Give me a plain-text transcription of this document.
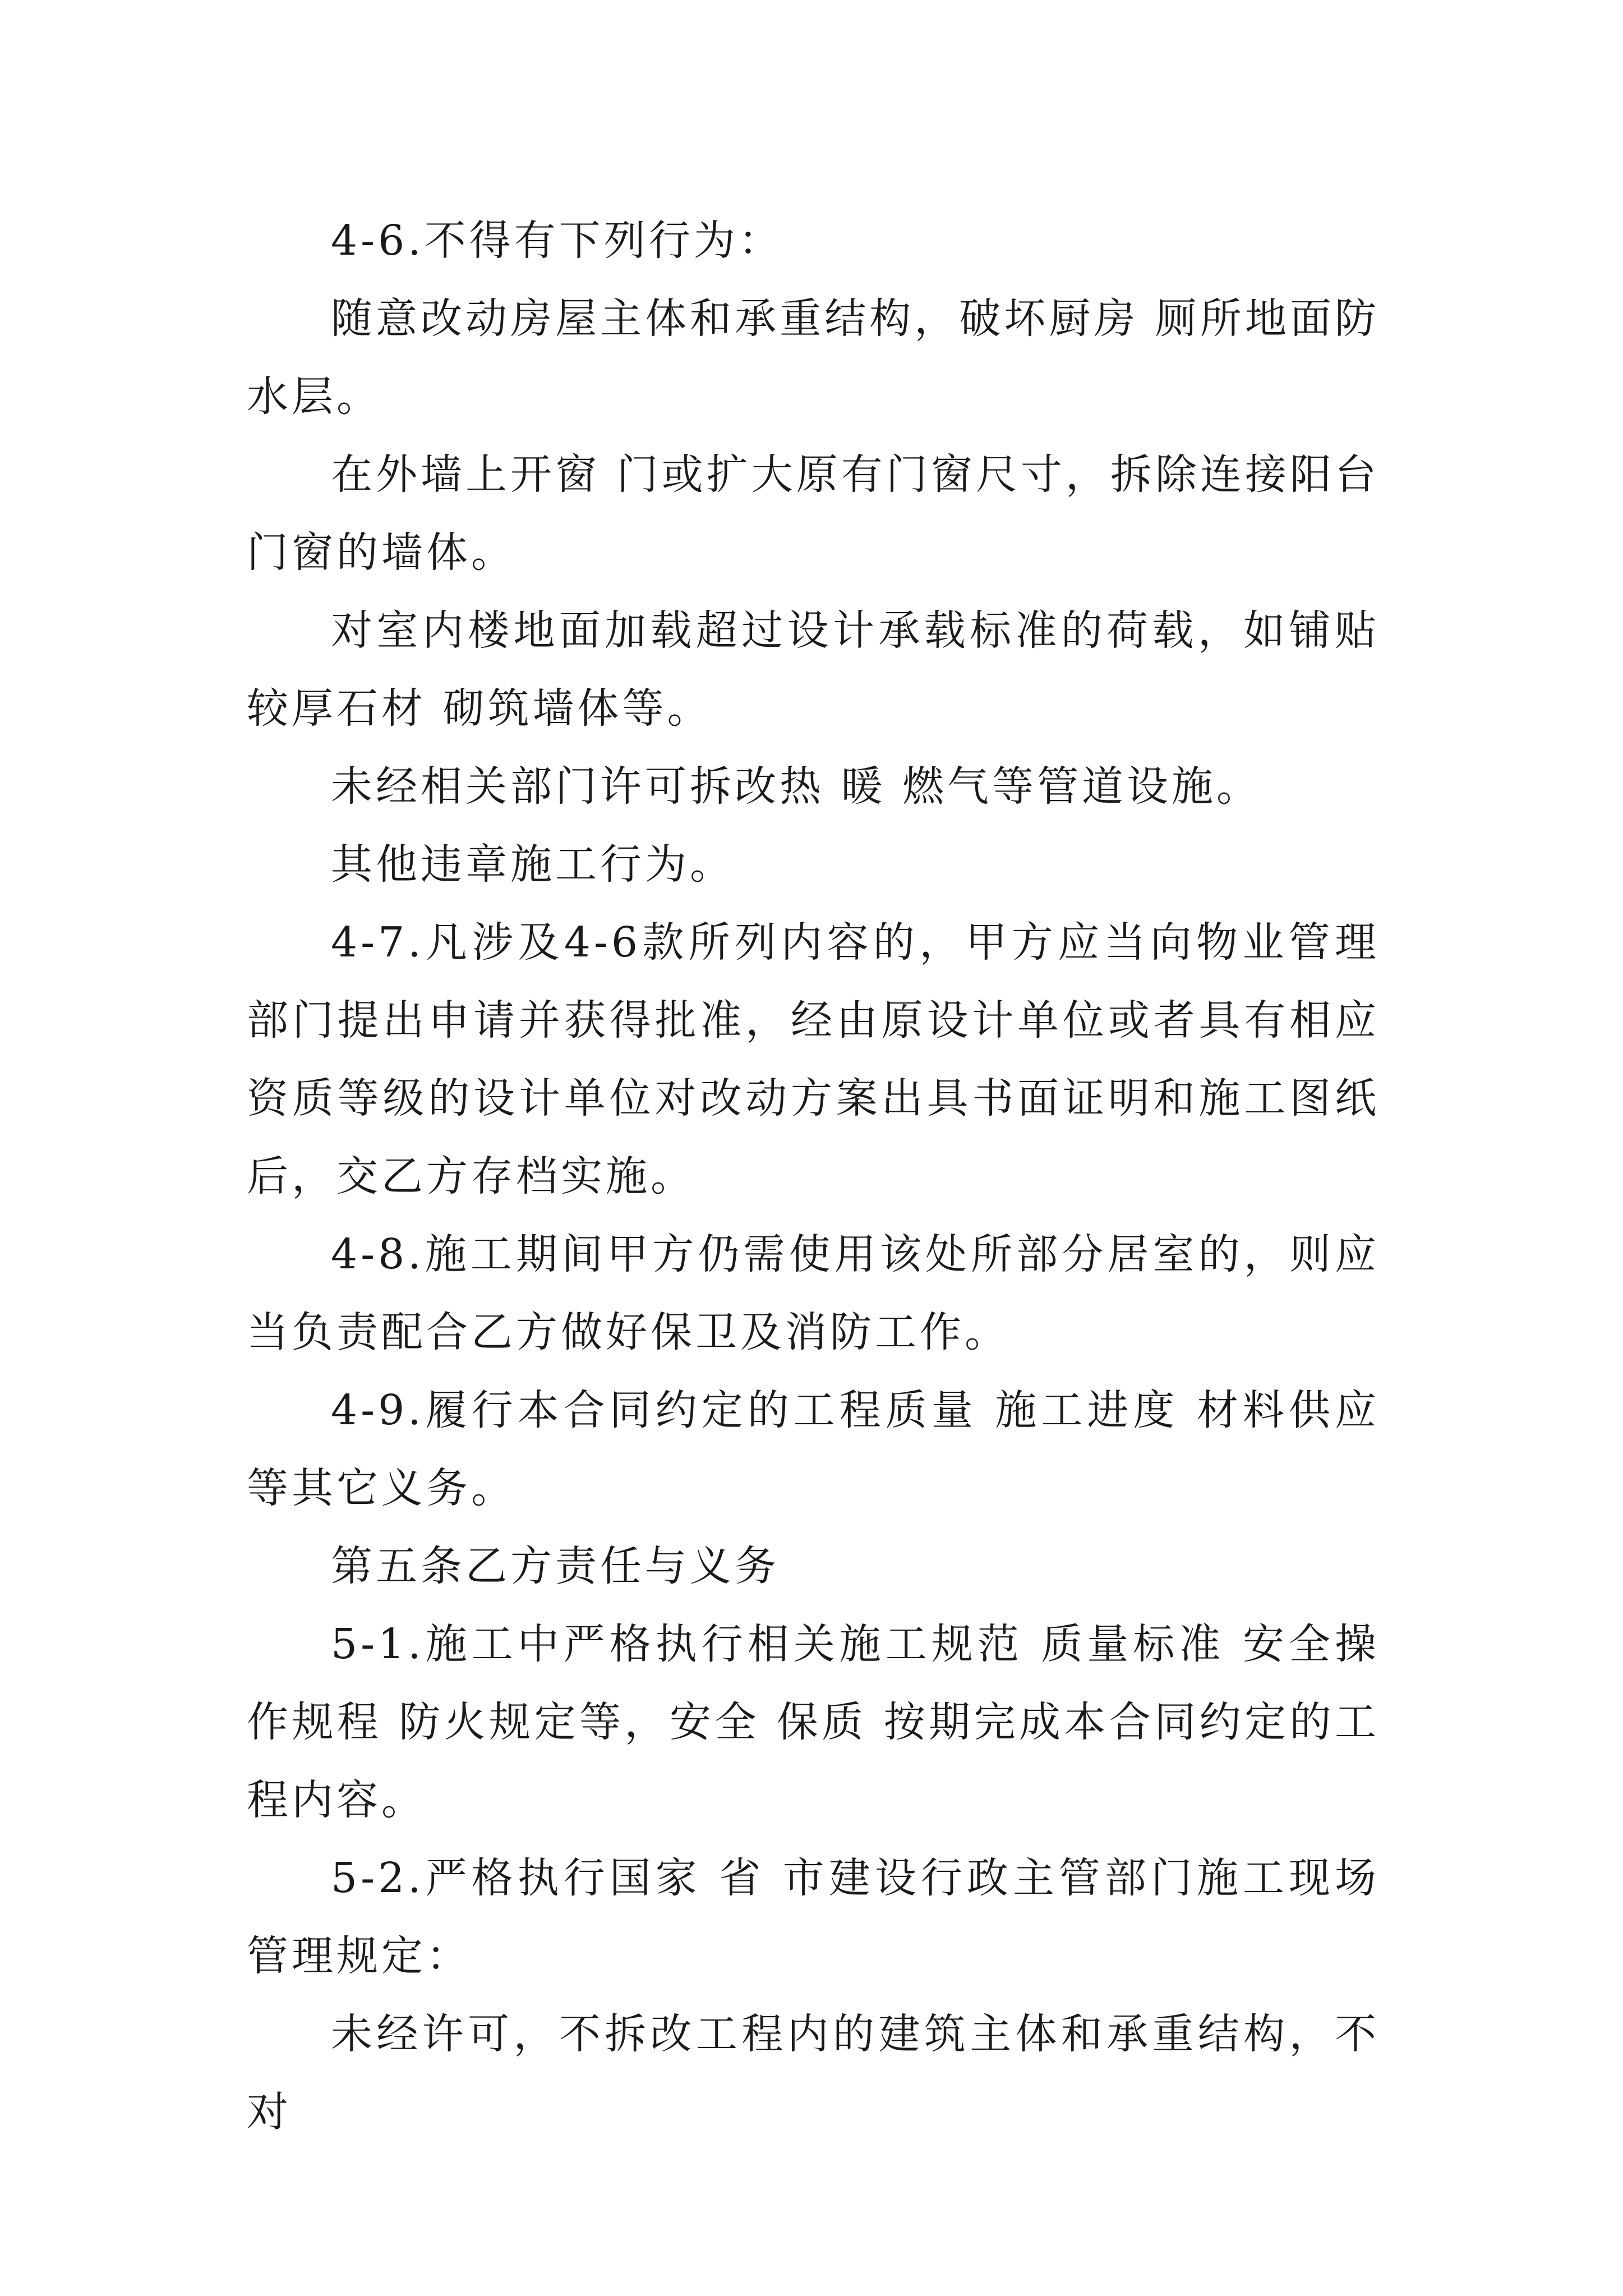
4-6.不得有下列行为：

随意改动房屋主体和承重结构，破坏厨房 厕所地面防水层。

在外墙上开窗 门或扩大原有门窗尺寸，拆除连接阳台门窗的墙体。

对室内楼地面加载超过设计承载标准的荷载，如铺贴较厚石材 砌筑墙体等。

未经相关部门许可拆改热 暖 燃气等管道设施。

其他违章施工行为。

4-7.凡涉及4-6款所列内容的，甲方应当向物业管理部门提出申请并获得批准，经由原设计单位或者具有相应资质等级的设计单位对改动方案出具书面证明和施工图纸后，交乙方存档实施。

4-8.施工期间甲方仍需使用该处所部分居室的，则应当负责配合乙方做好保卫及消防工作。

4-9.履行本合同约定的工程质量 施工进度 材料供应等其它义务。

第五条乙方责任与义务

5-1.施工中严格执行相关施工规范 质量标准 安全操作规程 防火规定等，安全 保质 按期完成本合同约定的工程内容。

5-2.严格执行国家 省 市建设行政主管部门施工现场管理规定：

未经许可，不拆改工程内的建筑主体和承重结构，不对
